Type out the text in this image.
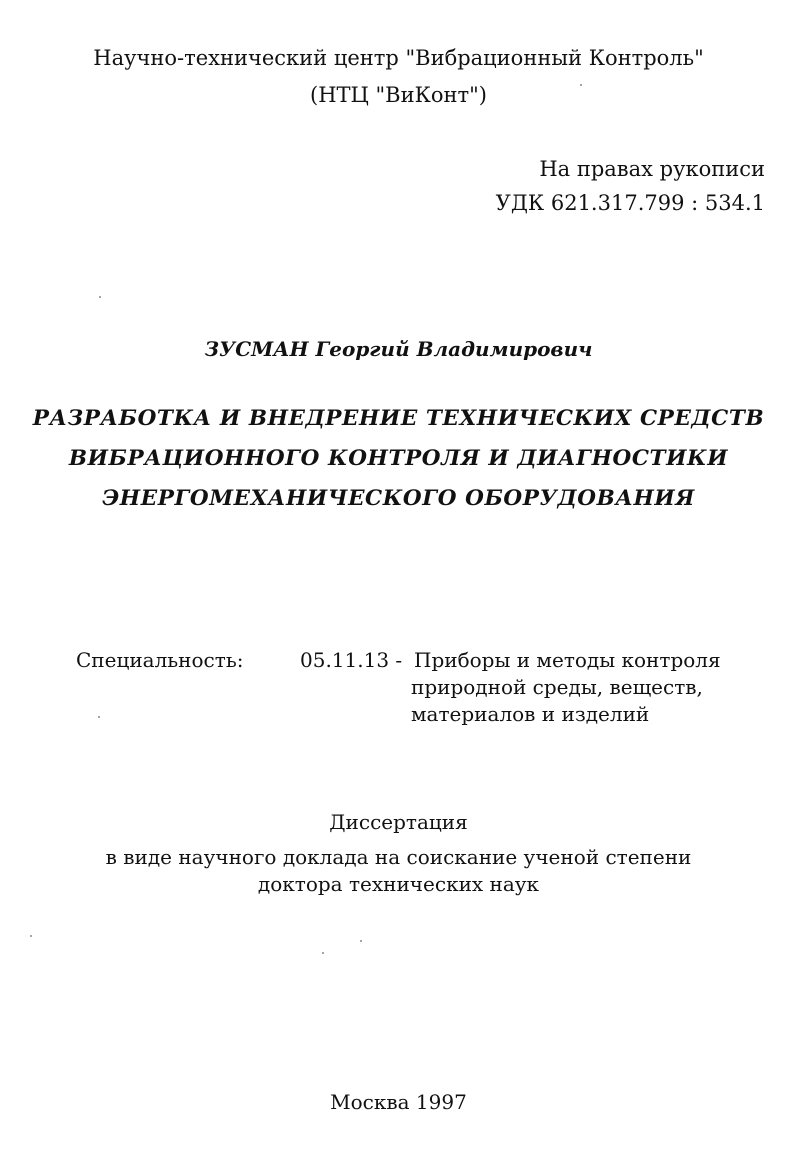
Научно-технический центр "Вибрационный Контроль"
(НТЦ "ВиКонт")
На правах рукописи
УДК 621.317.799 : 534.1
ЗУСМАН Георгий Владимирович
РАЗРАБОТКА И ВНЕДРЕНИЕ ТЕХНИЧЕСКИХ СРЕДСТВ
ВИБРАЦИОННОГО КОНТРОЛЯ И ДИАГНОСТИКИ
ЭНЕРГОМЕХАНИЧЕСКОГО ОБОРУДОВАНИЯ
Специальность:	05.11.13 - Приборы и методы контроля
природной среды, веществ,
материалов и изделий
Диссертация
в виде научного доклада на соискание ученой степени
доктора технических наук
Москва 1997
